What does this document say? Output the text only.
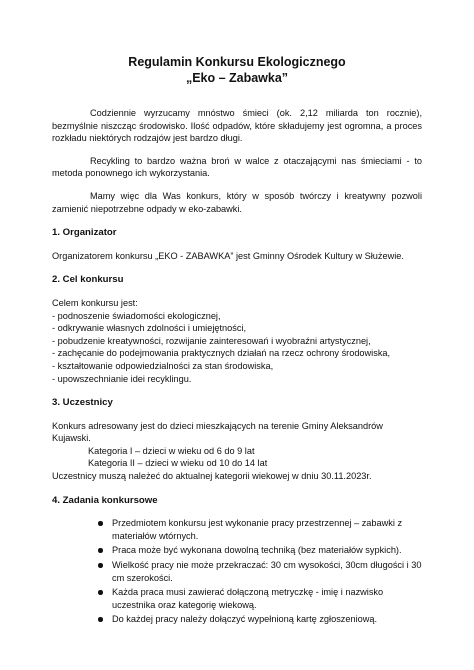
Regulamin Konkursu Ekologicznego
„Eko – Zabawka”

Codziennie wyrzucamy mnóstwo śmieci (ok. 2,12 miliarda ton rocznie), bezmyślnie niszcząc środowisko. Ilość odpadów, które składujemy jest ogromna, a proces rozkładu niektórych rodzajów jest bardzo długi.

Recykling to bardzo ważna broń w walce z otaczającymi nas śmieciami - to metoda ponownego ich wykorzystania.

Mamy więc dla Was konkurs, który w sposób twórczy i kreatywny pozwoli zamienić niepotrzebne odpady w eko-zabawki.

1. Organizator

Organizatorem konkursu „EKO - ZABAWKA” jest Gminny Ośrodek Kultury w Służewie.

2. Cel konkursu
Celem konkursu jest:
- podnoszenie świadomości ekologicznej,
- odkrywanie własnych zdolności i umiejętności,
- pobudzenie kreatywności, rozwijanie zainteresowań i wyobraźni artystycznej,
- zachęcanie do podejmowania praktycznych działań na rzecz ochrony środowiska,
- kształtowanie odpowiedzialności za stan środowiska,
- upowszechnianie idei recyklingu.
3. Uczestnicy
Konkurs adresowany jest do dzieci mieszkających na terenie Gminy Aleksandrów Kujawski.
Kategoria I – dzieci w wieku od 6 do 9 lat
Kategoria II – dzieci w wieku od 10 do 14 lat
Uczestnicy muszą należeć do aktualnej kategorii wiekowej w dniu 30.11.2023r.
4. Zadania konkursowe
Przedmiotem konkursu jest wykonanie pracy przestrzennej – zabawki z materiałów wtórnych.
Praca może być wykonana dowolną techniką (bez materiałów sypkich).
Wielkość pracy nie może przekraczać: 30 cm wysokości, 30cm długości i 30 cm szerokości.
Każda praca musi zawierać dołączoną metryczkę - imię i nazwisko uczestnika oraz kategorię wiekową.
Do każdej pracy należy dołączyć wypełnioną kartę zgłoszeniową.
